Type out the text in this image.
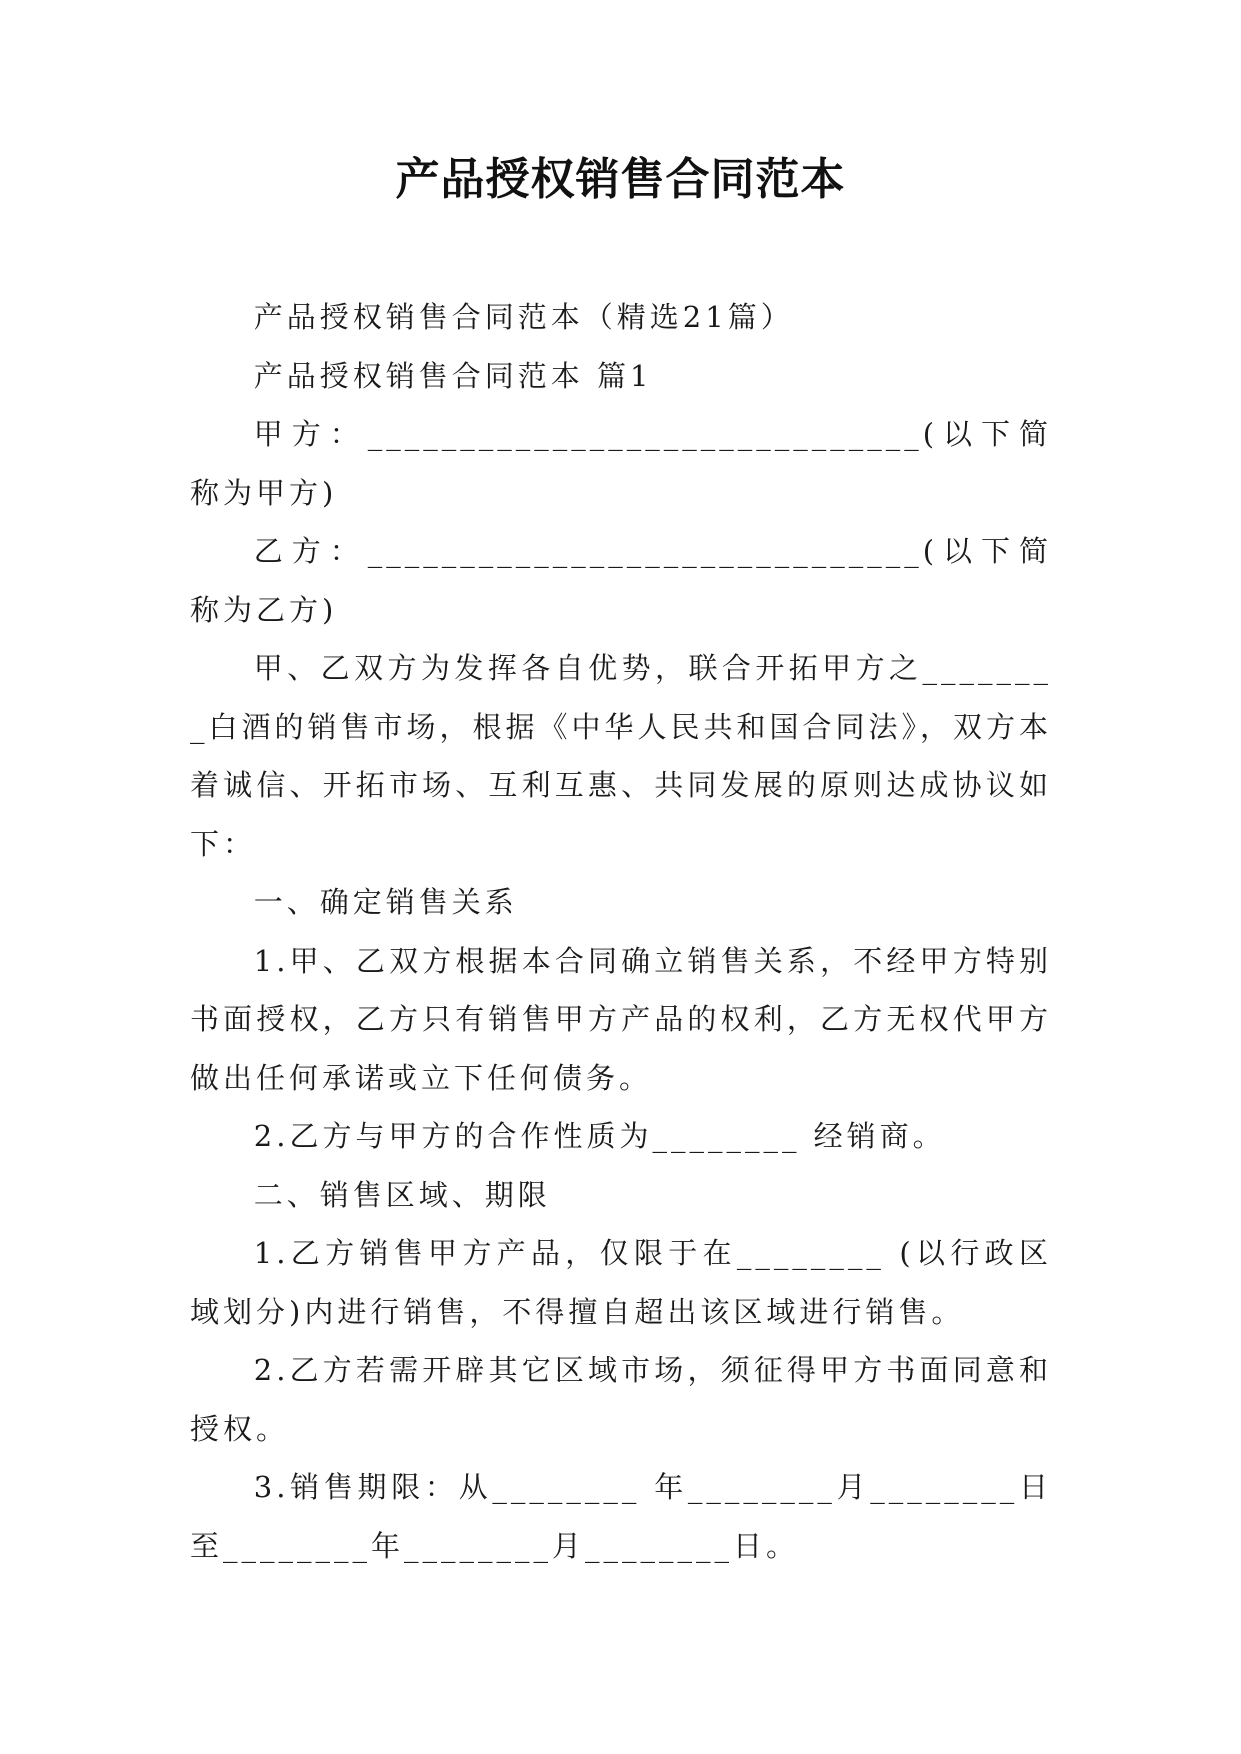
产品授权销售合同范本

产品授权销售合同范本（精选21篇）

产品授权销售合同范本 篇1

甲方：______________________________(以下简称为甲方)

乙方：______________________________(以下简称为乙方)

甲、乙双方为发挥各自优势，联合开拓甲方之________白酒的销售市场，根据《中华人民共和国合同法》，双方本着诚信、开拓市场、互利互惠、共同发展的原则达成协议如下：

一、确定销售关系

1.甲、乙双方根据本合同确立销售关系，不经甲方特别书面授权，乙方只有销售甲方产品的权利，乙方无权代甲方做出任何承诺或立下任何债务。

2.乙方与甲方的合作性质为________ 经销商。

二、销售区域、期限

1.乙方销售甲方产品，仅限于在________ (以行政区域划分)内进行销售，不得擅自超出该区域进行销售。

2.乙方若需开辟其它区域市场，须征得甲方书面同意和授权。

3.销售期限：从________ 年________月________日至________年________月________日。
